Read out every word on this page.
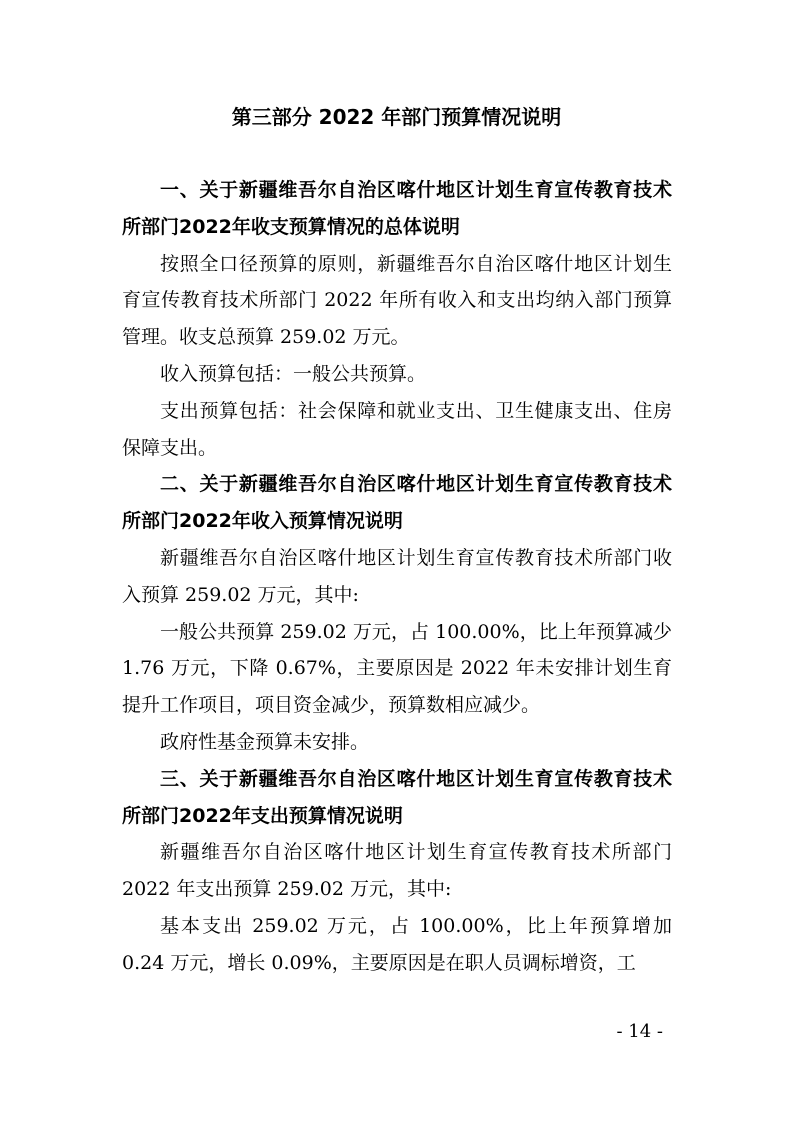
第三部分 2022 年部门预算情况说明
一、关于新疆维吾尔自治区喀什地区计划生育宣传教育技术所部门2022年收支预算情况的总体说明

按照全口径预算的原则，新疆维吾尔自治区喀什地区计划生育宣传教育技术所部门 2022 年所有收入和支出均纳入部门预算管理。收支总预算 259.02 万元。

收入预算包括：一般公共预算。

支出预算包括：社会保障和就业支出、卫生健康支出、住房保障支出。

二、关于新疆维吾尔自治区喀什地区计划生育宣传教育技术所部门2022年收入预算情况说明

新疆维吾尔自治区喀什地区计划生育宣传教育技术所部门收入预算 259.02 万元，其中:

一般公共预算 259.02 万元，占 100.00%，比上年预算减少 1.76 万元，下降 0.67%，主要原因是 2022 年未安排计划生育提升工作项目，项目资金减少，预算数相应减少。

政府性基金预算未安排。

三、关于新疆维吾尔自治区喀什地区计划生育宣传教育技术所部门2022年支出预算情况说明

新疆维吾尔自治区喀什地区计划生育宣传教育技术所部门 2022 年支出预算 259.02 万元，其中:

基本支出 259.02 万元，占 100.00%，比上年预算增加 0.24 万元，增长 0.09%，主要原因是在职人员调标增资，工

- 14 -
